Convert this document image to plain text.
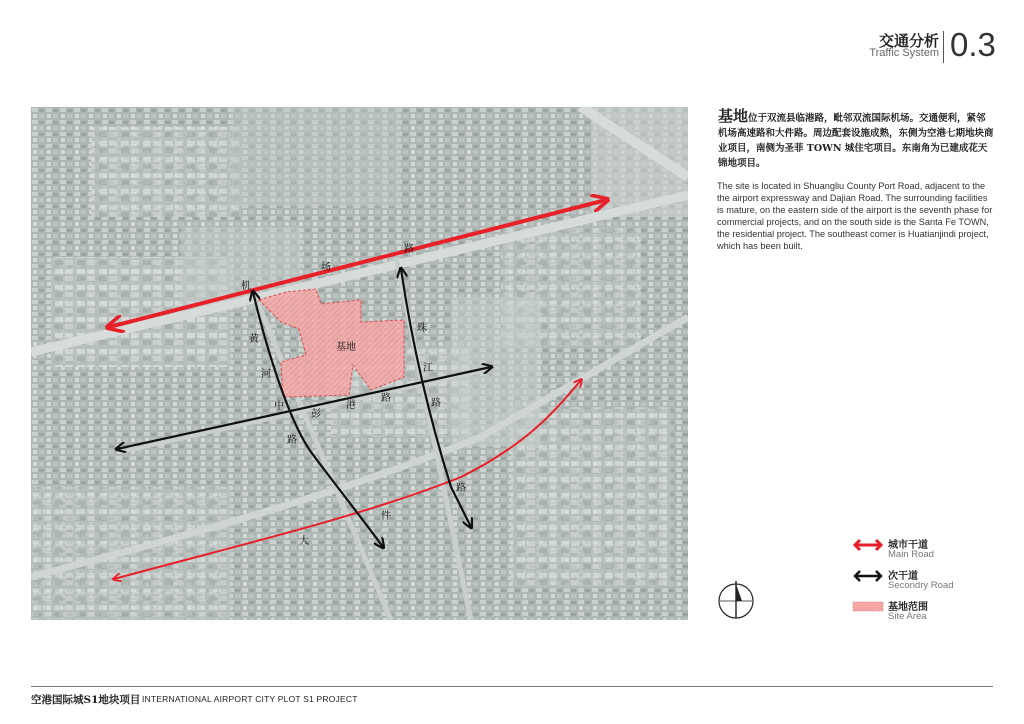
交通分析
Traffic System 0.3
基地
机
场
路
黄
河
中
路
珠
江
路
彭
港
路
大
件
路
基地位于双流县临港路，毗邻双流国际机场。交通便利，紧邻机场高速路和大件路。周边配套设施成熟，东侧为空港七期地块商业项目，南侧为圣菲 TOWN 城住宅项目。东南角为已建成花天锦地项目。
The site is located in Shuangliu County Port Road, adjacent to the the airport expressway and Dajian Road. The surrounding facilities is mature, on the eastern side of the airport is the seventh phase for commercial projects, and on the south side is the Santa Fe TOWN, the residential project. The southeast corner is Huatianjindi project, which has been built.
城市干道
Main Road
次干道
Secondry Road
基地范围
Site Area
空港国际城S1地块项目 INTERNATIONAL AIRPORT CITY PLOT S1 PROJECT
